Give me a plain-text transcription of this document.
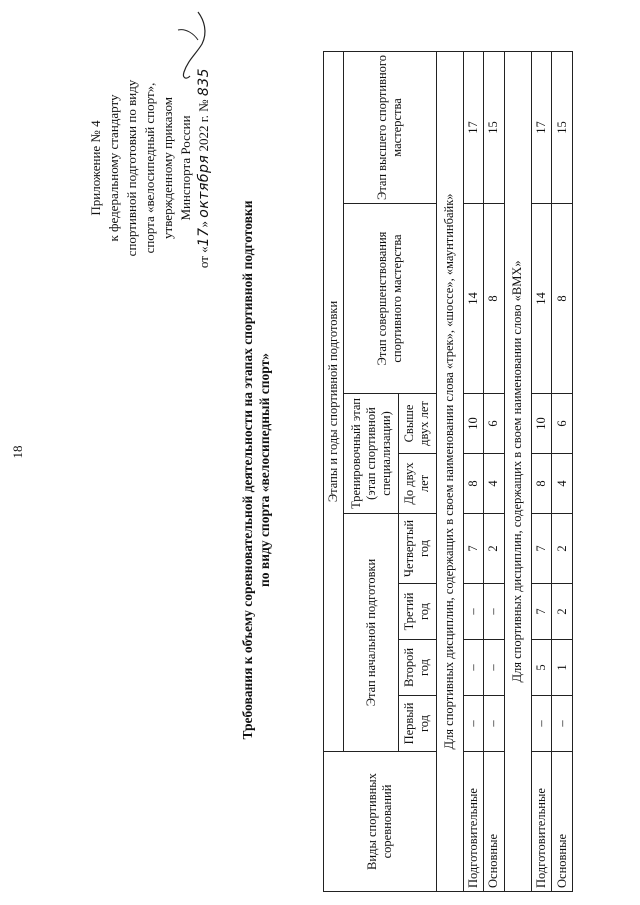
18
Приложение № 4 к федеральному стандарту спортивной подготовки по виду спорта «велосипедный спорт», утвержденному приказом Минспорта России
от «17» октября 2022 г. № 835
Требования к объему соревновательной деятельности на этапах спортивной подготовки по виду спорта «велосипедный спорт»
Виды спортивных соревнований	Этапы и годы спортивной подготовки							
	Этап начальной подготовки				Тренировочный этап (этап спортивной специализации)		Этап совершенствования спортивного мастерства	Этап высшего спортивного мастерства
	Первый год	Второй год	Третий год	Четвертый год	До двух лет	Свыше двух лет		
Для спортивных дисциплин, содержащих в своем наименовании слова «трек», «шоссе», «маунтинбайк»								
Подготовительные	–	–	–	7	8	10	14	17
Основные	–	–	–	2	4	6	8	15
Для спортивных дисциплин, содержащих в своем наименовании слово «BMX»								
Подготовительные	–	5	7	7	8	10	14	17
Основные	–	1	2	2	4	6	8	15
